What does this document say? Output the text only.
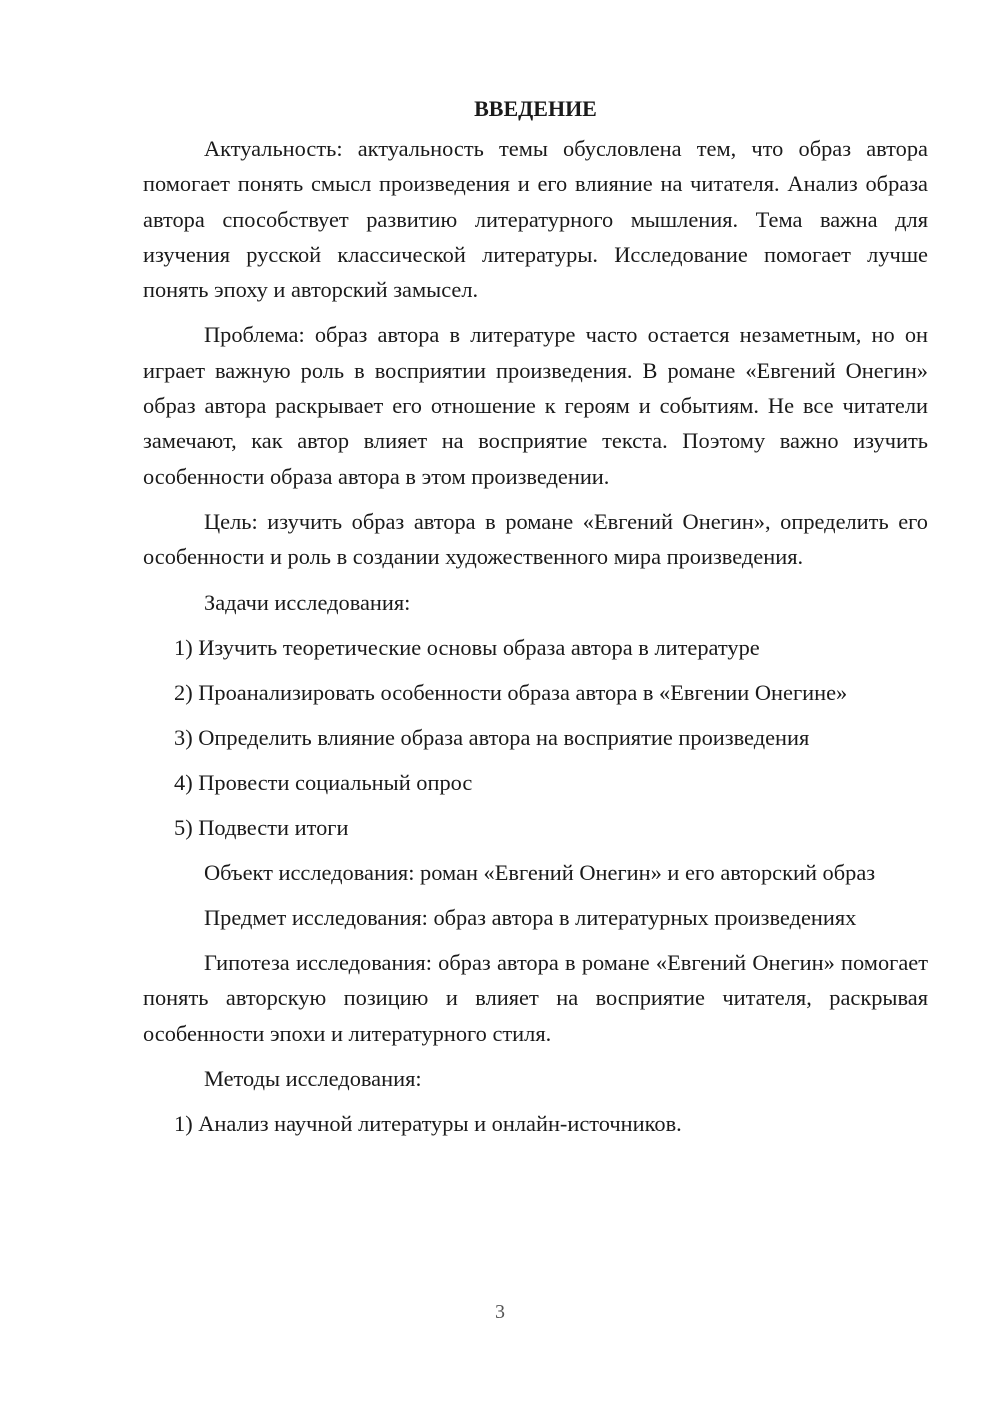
ВВЕДЕНИЕ

Актуальность: актуальность темы обусловлена тем, что образ автора помогает понять смысл произведения и его влияние на читателя. Анализ образа автора способствует развитию литературного мышления. Тема важна для изучения русской классической литературы. Исследование помогает лучше понять эпоху и авторский замысел.

Проблема: образ автора в литературе часто остается незаметным, но он играет важную роль в восприятии произведения. В романе «Евгений Онегин» образ автора раскрывает его отношение к героям и событиям. Не все читатели замечают, как автор влияет на восприятие текста. Поэтому важно изучить особенности образа автора в этом произведении.

Цель: изучить образ автора в романе «Евгений Онегин», определить его особенности и роль в создании художественного мира произведения.

Задачи исследования:

1) Изучить теоретические основы образа автора в литературе
2) Проанализировать особенности образа автора в «Евгении Онегине»
3) Определить влияние образа автора на восприятие произведения
4) Провести социальный опрос
5) Подвести итоги

Объект исследования: роман «Евгений Онегин» и его авторский образ

Предмет исследования: образ автора в литературных произведениях

Гипотеза исследования: образ автора в романе «Евгений Онегин» помогает понять авторскую позицию и влияет на восприятие читателя, раскрывая особенности эпохи и литературного стиля.

Методы исследования:

1) Анализ научной литературы и онлайн-источников.
3
